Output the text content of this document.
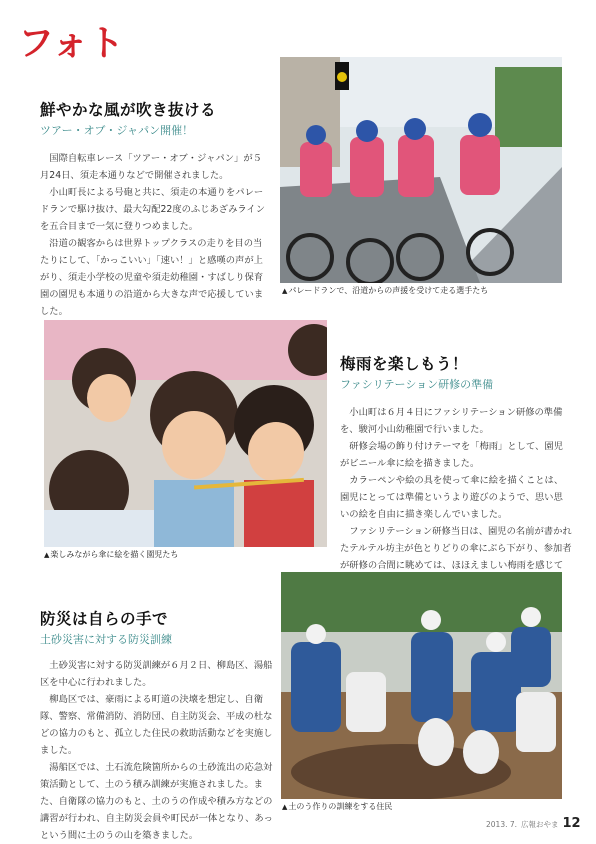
フォト
鮮やかな風が吹き抜ける
ツアー・オブ・ジャパン開催！

国際自転車レース「ツアー・オブ・ジャパン」が５月24日、須走本通りなどで開催されました。

小山町長による号砲と共に、須走の本通りをパレードランで駆け抜け、最大勾配22度のふじあざみラインを五合目まで一気に登りつめました。

沿道の観客からは世界トップクラスの走りを目の当たりにして、「かっこいい」「速い！」と感嘆の声が上がり、須走小学校の児童や須走幼稚園・すばしり保育園の園児も本通りの沿道から大きな声で応援していました。

▲ パレードランで、沿道からの声援を受けて走る選手たち
▲ 楽しみながら傘に絵を描く園児たち
梅雨を楽しもう！
ファシリテーション研修の準備

小山町は６月４日にファシリテーション研修の準備を、駿河小山幼稚園で行いました。

研修会場の飾り付けテーマを「梅雨」として、園児がビニール傘に絵を描きました。

カラーペンや絵の具を使って傘に絵を描くことは、園児にとっては準備というより遊びのようで、思い思いの絵を自由に描き楽しんでいました。

ファシリテーション研修当日は、園児の名前が書かれたテルテル坊主が色とりどりの傘にぶら下がり、参加者が研修の合間に眺めては、ほほえましい梅雨を感じて

防災は自らの手で
土砂災害に対する防災訓練

土砂災害に対する防災訓練が６月２日、柳島区、湯船区を中心に行われました。

柳島区では、豪雨による町道の決壊を想定し、自衛隊、警察、常備消防、消防団、自主防災会、平成の杜などの協力のもと、孤立した住民の救助活動などを実施しました。

湯船区では、土石流危険箇所からの土砂流出の応急対策活動として、土のう積み訓練が実施されました。また、自衛隊の協力のもと、土のうの作成や積み方などの講習が行われ、自主防災会員や町民が一体となり、あっという間に土のうの山を築きました。

▲ 土のう作りの訓練をする住民
2013. 7. 広報おやま 12
